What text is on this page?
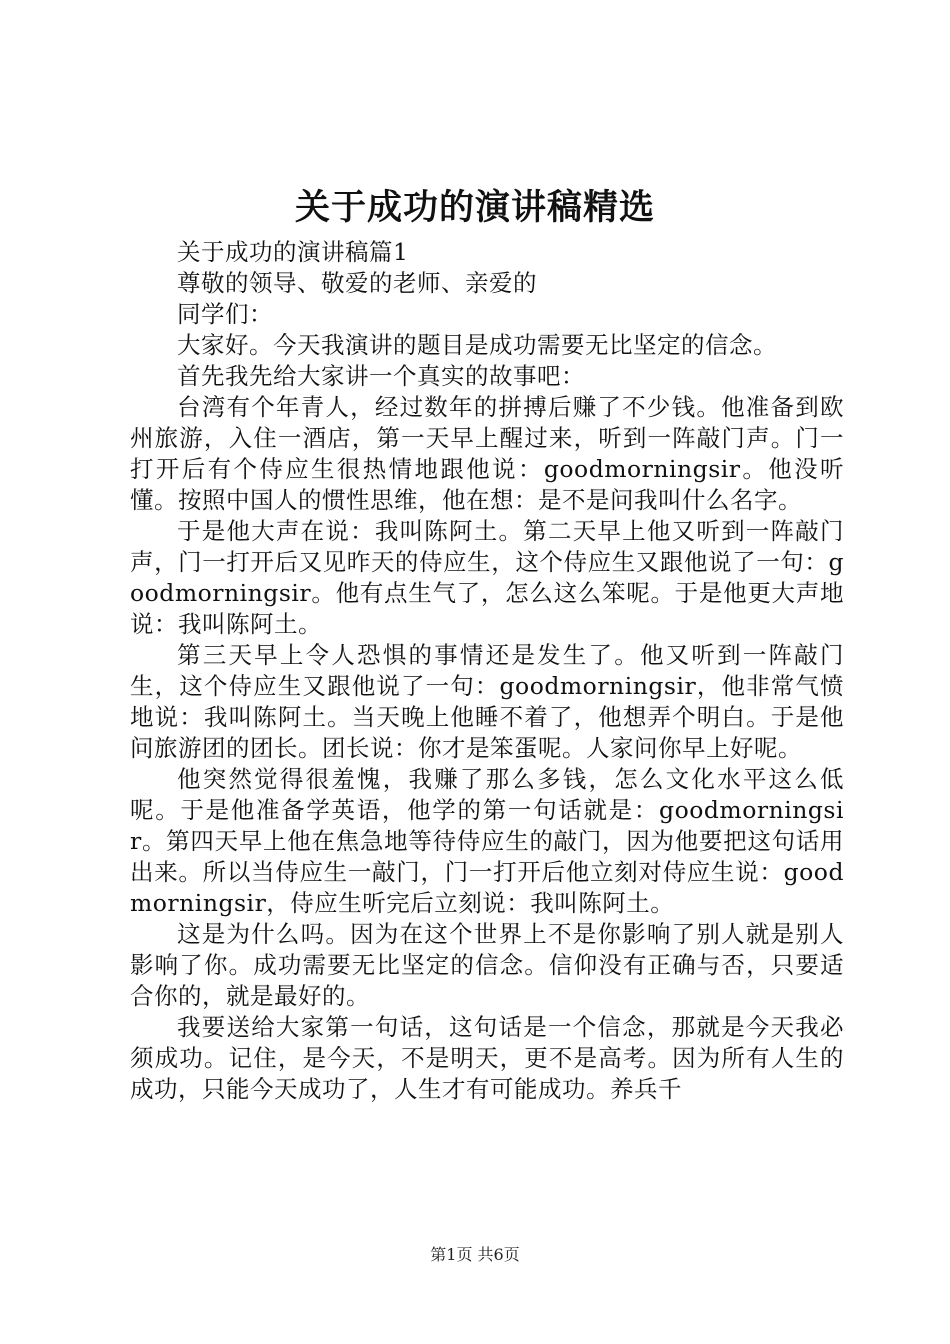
关于成功的演讲稿精选

关于成功的演讲稿篇1

尊敬的领导、敬爱的老师、亲爱的

同学们：

大家好。今天我演讲的题目是成功需要无比坚定的信念。

首先我先给大家讲一个真实的故事吧：

台湾有个年青人，经过数年的拼搏后赚了不少钱。他准备到欧州旅游，入住一酒店，第一天早上醒过来，听到一阵敲门声。门一打开后有个侍应生很热情地跟他说：goodmorningsir。他没听懂。按照中国人的惯性思维，他在想：是不是问我叫什么名字。

于是他大声在说：我叫陈阿土。第二天早上他又听到一阵敲门声，门一打开后又见昨天的侍应生，这个侍应生又跟他说了一句：goodmorningsir。他有点生气了，怎么这么笨呢。于是他更大声地说：我叫陈阿土。

第三天早上令人恐惧的事情还是发生了。他又听到一阵敲门生，这个侍应生又跟他说了一句：goodmorningsir，他非常气愤地说：我叫陈阿土。当天晚上他睡不着了，他想弄个明白。于是他问旅游团的团长。团长说：你才是笨蛋呢。人家问你早上好呢。

他突然觉得很羞愧，我赚了那么多钱，怎么文化水平这么低呢。于是他准备学英语，他学的第一句话就是：goodmorningsir。第四天早上他在焦急地等待侍应生的敲门，因为他要把这句话用出来。所以当侍应生一敲门，门一打开后他立刻对侍应生说：goodmorningsir，侍应生听完后立刻说：我叫陈阿土。

这是为什么吗。因为在这个世界上不是你影响了别人就是别人影响了你。成功需要无比坚定的信念。信仰没有正确与否，只要适合你的，就是最好的。

我要送给大家第一句话，这句话是一个信念，那就是今天我必须成功。记住，是今天，不是明天，更不是高考。因为所有人生的成功，只能今天成功了，人生才有可能成功。养兵千

第1页 共6页
